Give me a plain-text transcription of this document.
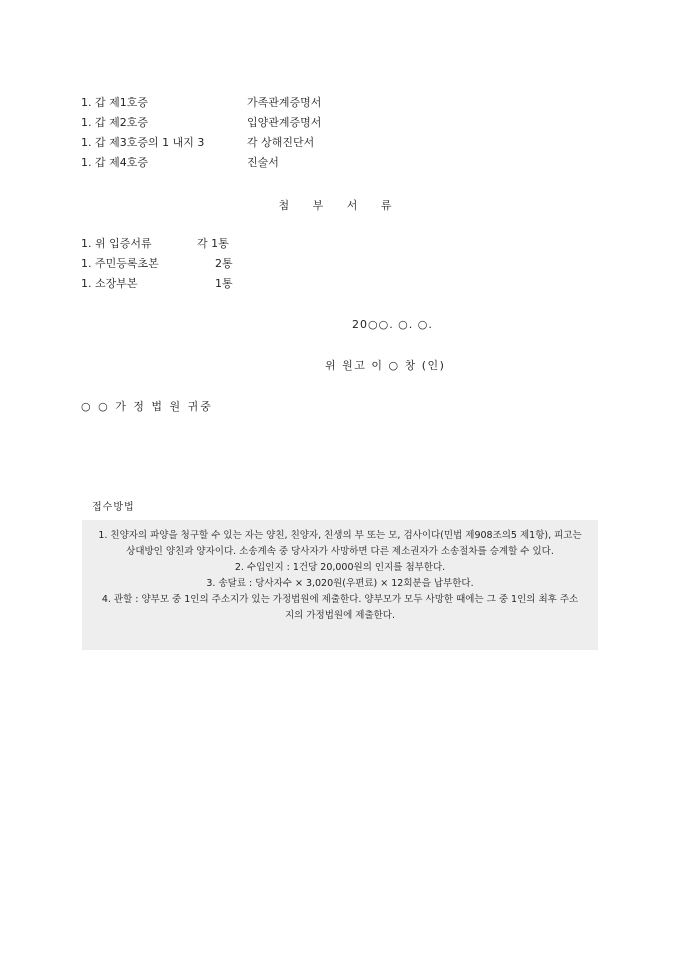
1. 갑 제1호증	가족관계증명서
1. 갑 제2호증	입양관계증명서
1. 갑 제3호증의 1 내지 3	각 상해진단서
1. 갑 제4호증	진술서
첨 부 서 류
1. 위 입증서류	각 1통
1. 주민등록초본	2통
1. 소장부본	1통
20○○. ○. ○.
위 원고 이 ○ 창 (인)
○ ○ 가 정 법 원 귀중
접수방법

1. 친양자의 파양을 청구할 수 있는 자는 양친, 친양자, 친생의 부 또는 모, 검사이다(민법 제908조의5 제1항), 피고는 상대방인 양친과 양자이다. 소송계속 중 당사자가 사망하면 다른 제소권자가 소송절차를 승계할 수 있다.

2. 수입인지 : 1건당 20,000원의 인지를 첨부한다.

3. 송달료 : 당사자수 × 3,020원(우편료) × 12회분을 납부한다.

4. 관할 : 양부모 중 1인의 주소지가 있는 가정법원에 제출한다. 양부모가 모두 사망한 때에는 그 중 1인의 최후 주소지의 가정법원에 제출한다.
